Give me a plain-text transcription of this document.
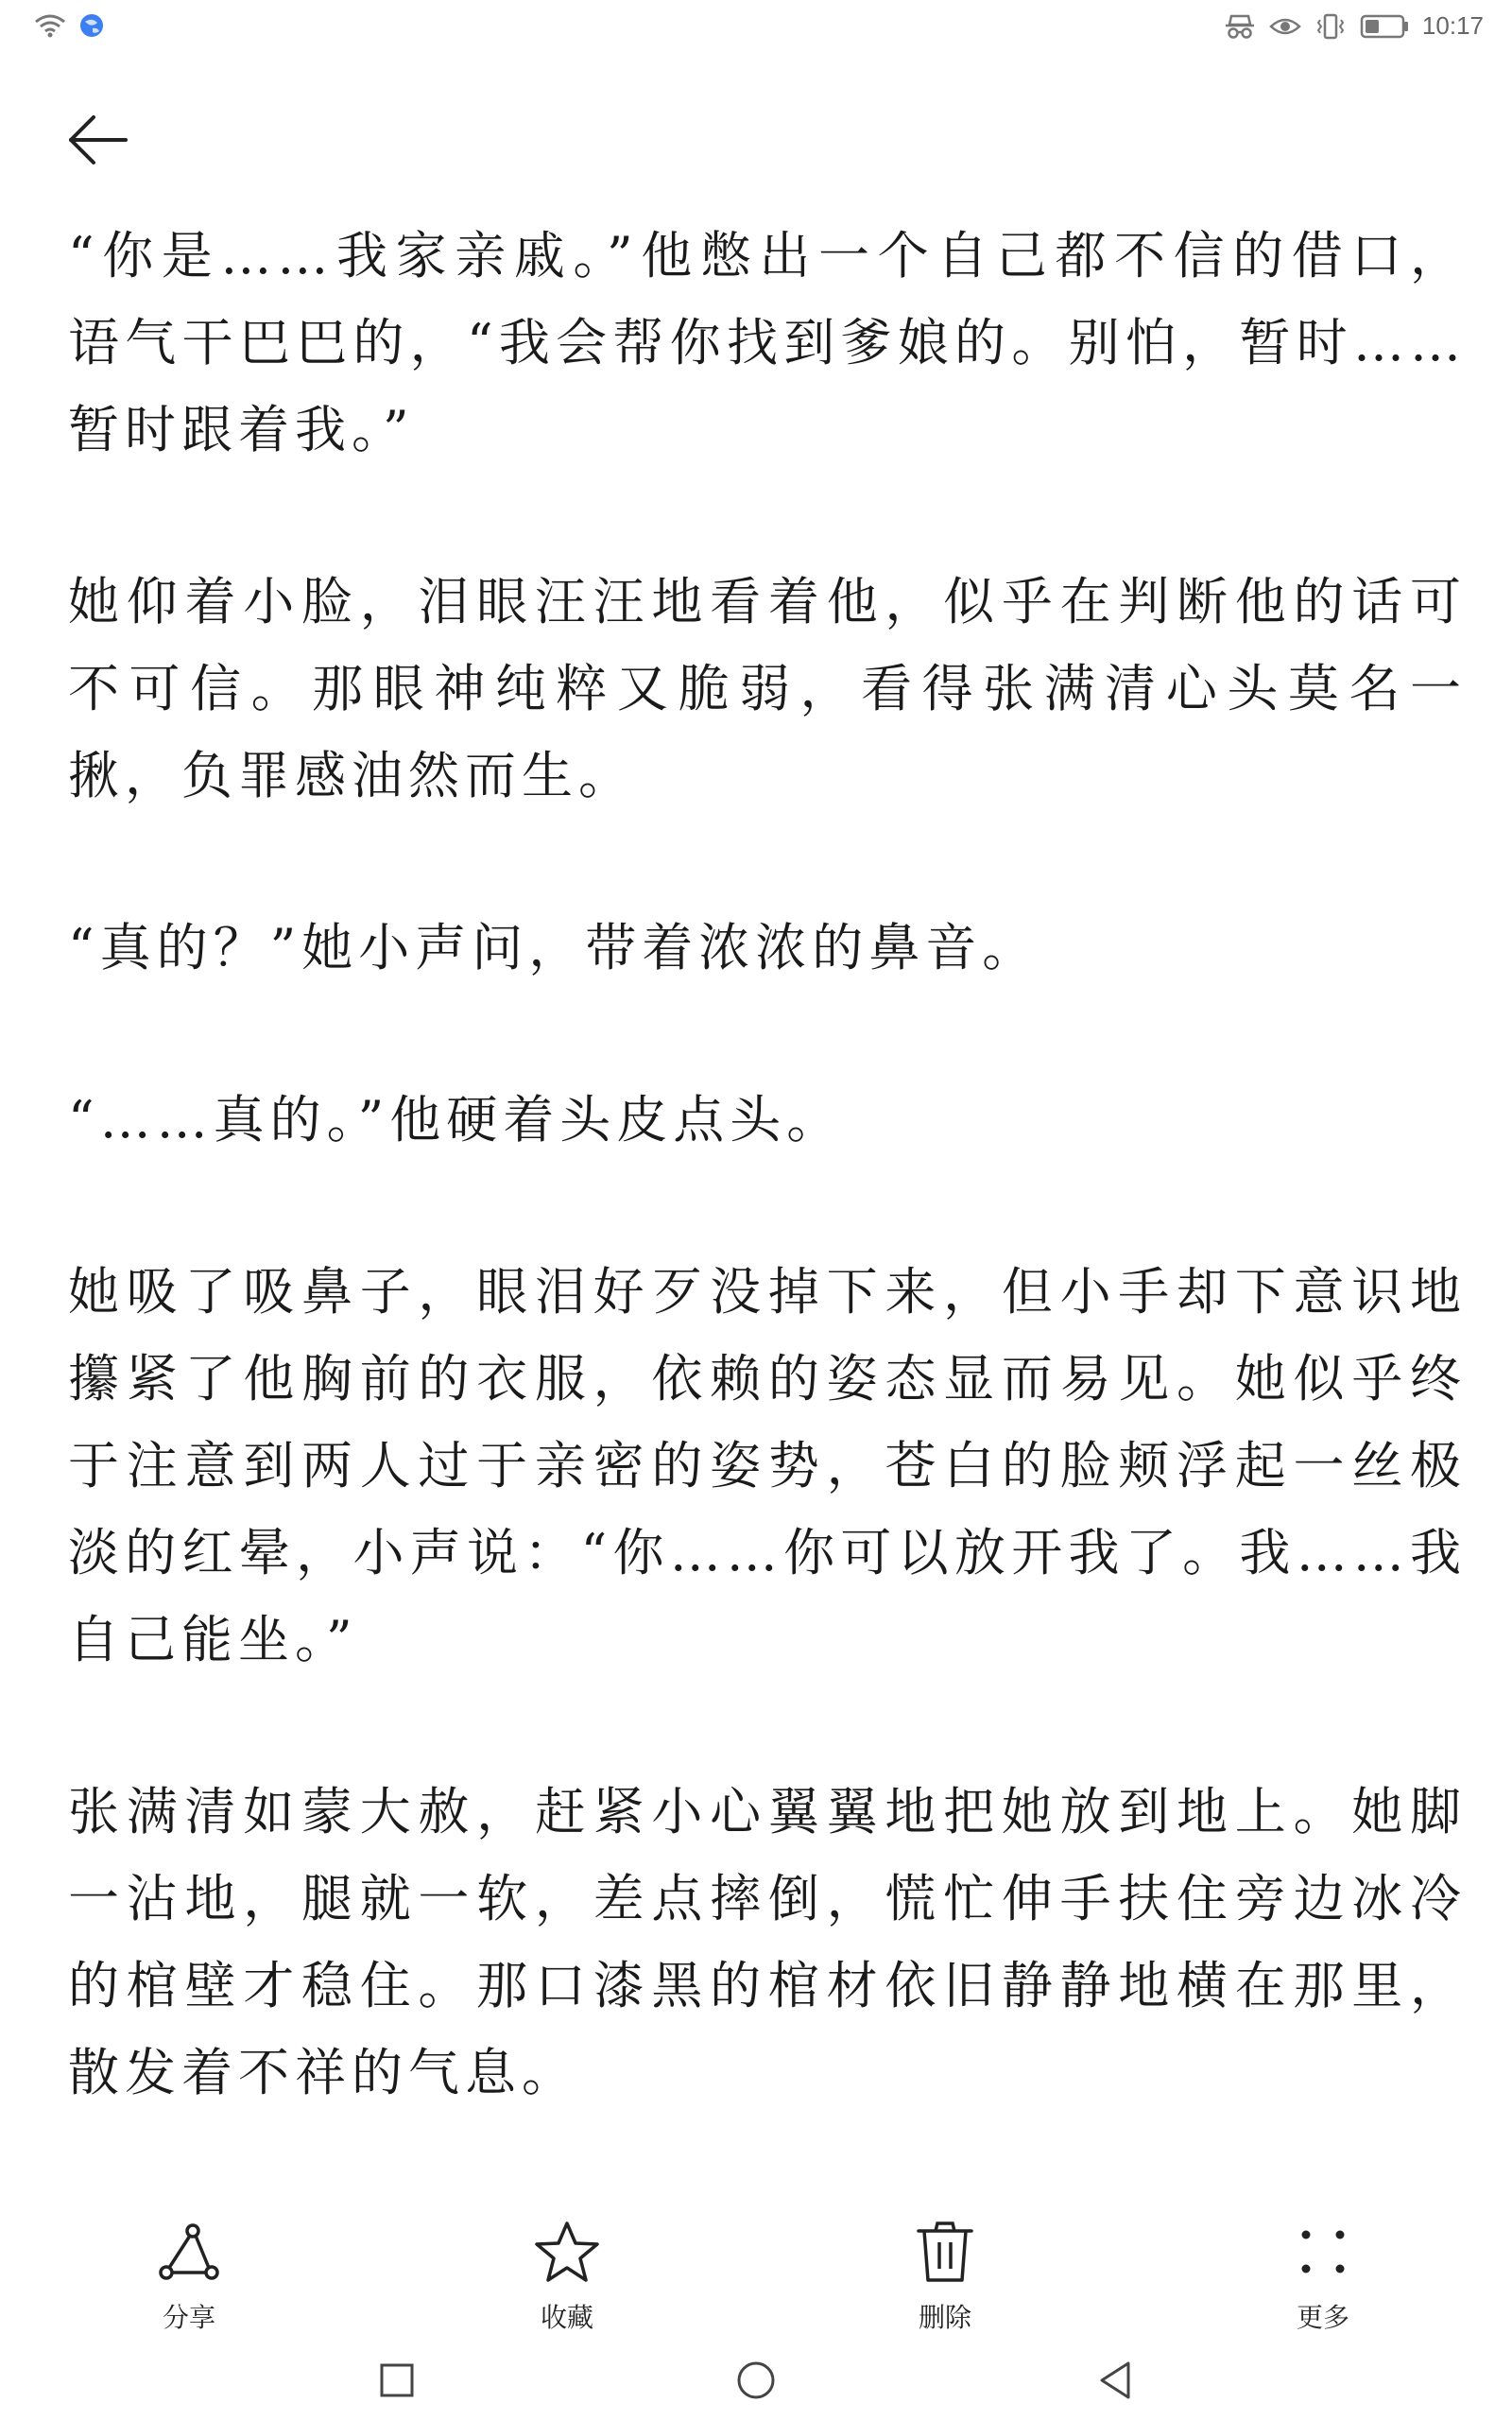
10:17

“你是……我家亲戚。”他憋出一个自己都不信的借口，语气干巴巴的，“我会帮你找到爹娘的。别怕，暂时……暂时跟着我。”

她仰着小脸，泪眼汪汪地看着他，似乎在判断他的话可不可信。那眼神纯粹又脆弱，看得张满清心头莫名一揪，负罪感油然而生。

“真的？”她小声问，带着浓浓的鼻音。

“……真的。”他硬着头皮点头。

她吸了吸鼻子，眼泪好歹没掉下来，但小手却下意识地攥紧了他胸前的衣服，依赖的姿态显而易见。她似乎终于注意到两人过于亲密的姿势，苍白的脸颊浮起一丝极淡的红晕，小声说：“你……你可以放开我了。我……我自己能坐。”

张满清如蒙大赦，赶紧小心翼翼地把她放到地上。她脚一沾地，腿就一软，差点摔倒，慌忙伸手扶住旁边冰冷的棺壁才稳住。那口漆黑的棺材依旧静静地横在那里，散发着不祥的气息。

分享	收藏	删除	更多
